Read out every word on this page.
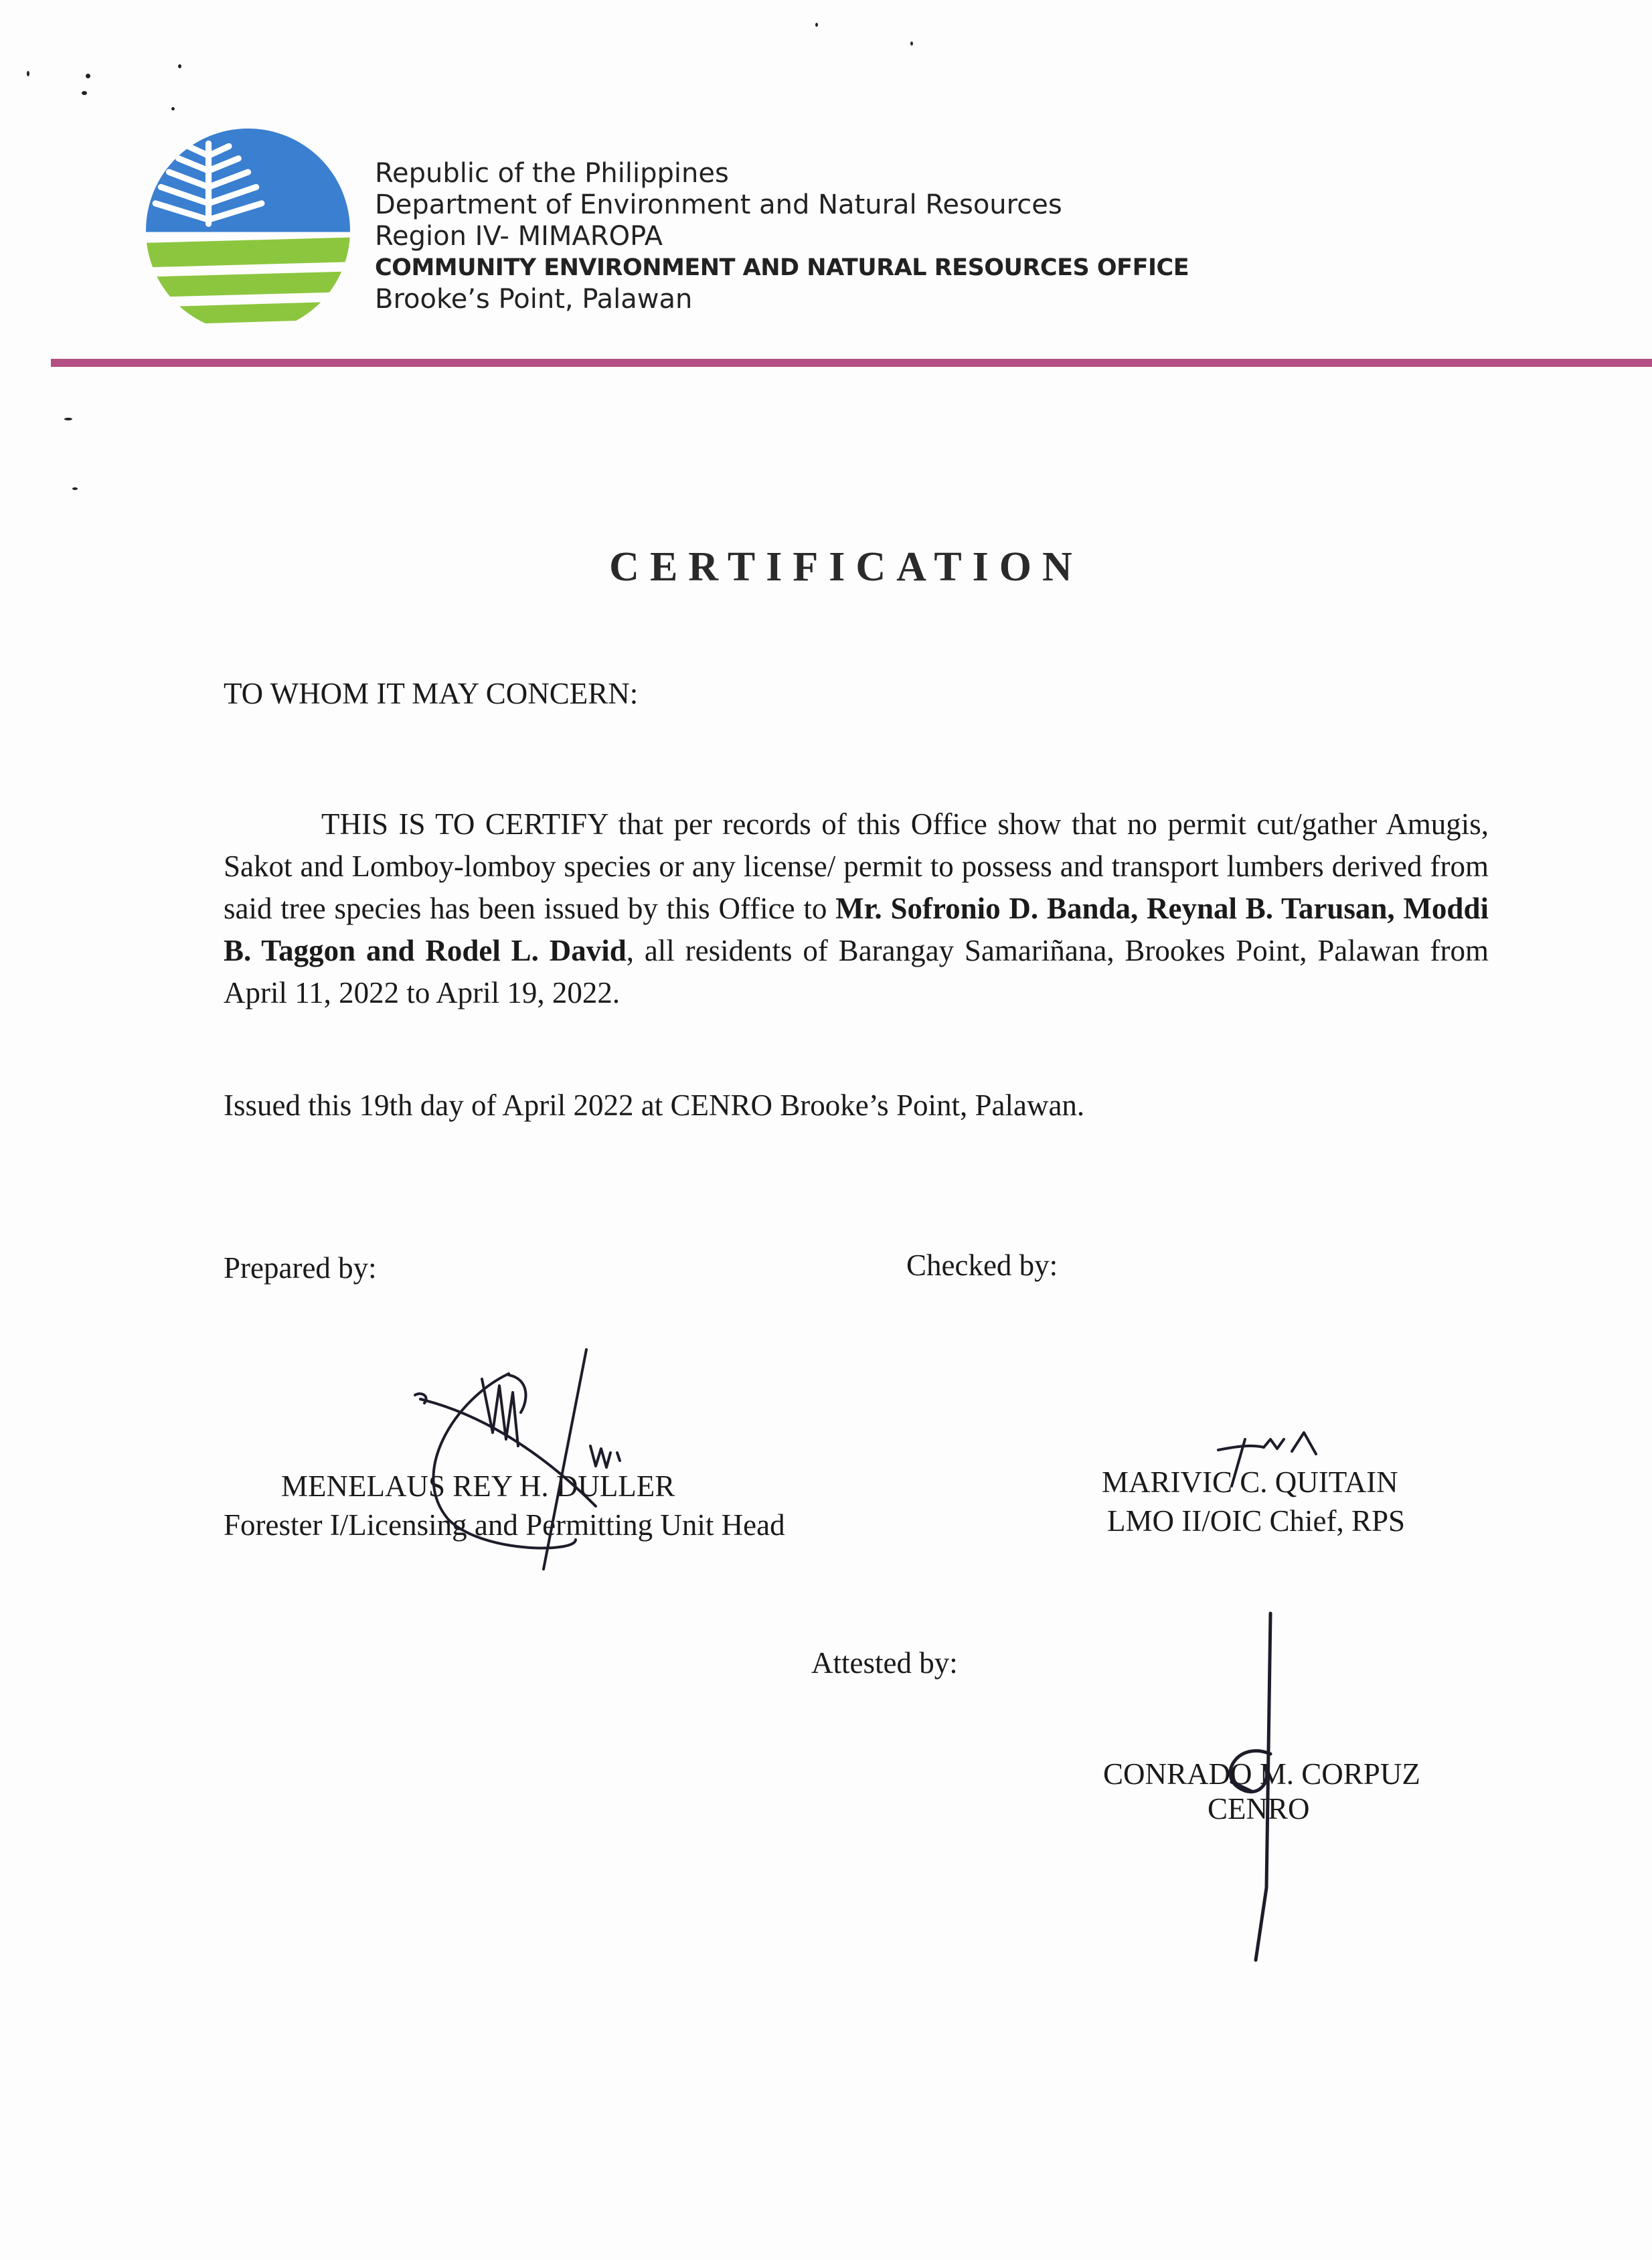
Republic of the Philippines
Department of Environment and Natural Resources
Region IV- MIMAROPA
COMMUNITY ENVIRONMENT AND NATURAL RESOURCES OFFICE
Brooke’s Point, Palawan
CERTIFICATION
TO WHOM IT MAY CONCERN:
THIS IS TO CERTIFY that per records of this Office show that no permit cut/gather Amugis, Sakot and Lomboy-lomboy species or any license/ permit to possess and transport lumbers derived from said tree species has been issued by this Office to Mr. Sofronio D. Banda, Reynal B. Tarusan, Moddi B. Taggon and Rodel L. David, all residents of Barangay Samariñana, Brookes Point, Palawan from April 11, 2022 to April 19, 2022.
Issued this 19th day of April 2022 at CENRO Brooke’s Point, Palawan.
Prepared by:
MENELAUS REY H. DULLER
Forester I/Licensing and Permitting Unit Head
Checked by:
MARIVIC C. QUITAIN
LMO II/OIC Chief, RPS
Attested by:
CONRADO M. CORPUZ
CENRO
